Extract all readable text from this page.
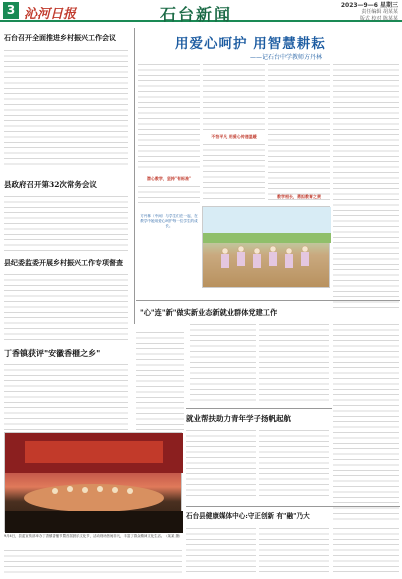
3 沁河日报	石台新闻	2023—9—6 星期三
责任编辑 胡某某
版式 校对 陈某某
石台召开全面推进乡村振兴工作会议
县政府召开第32次常务会议
县纪委监委开展乡村振兴工作专项督查
丁香镇获评"安徽香榧之乡"
9月4日，县委宣传部举办丁香镇香榧节暨首届鼓乐文化节，活动现场热闹非凡，丰富了群众精神文化生活。（某某 摄）
用爱心呵护 用智慧耕耘
——记石台中学教师方丹林
不怕平凡 用爱心传递温暖
教学相长，勇担教育之责
潜心教学，坚持"有标准"
方丹林（中间）与学生们在一起，在教学中她用爱心呵护每一位学生的成长。
"心"连"新"做实新业态新就业群体党建工作
就业帮扶助力青年学子扬帆起航
石台县健康媒体中心:守正创新 有"融"乃大
